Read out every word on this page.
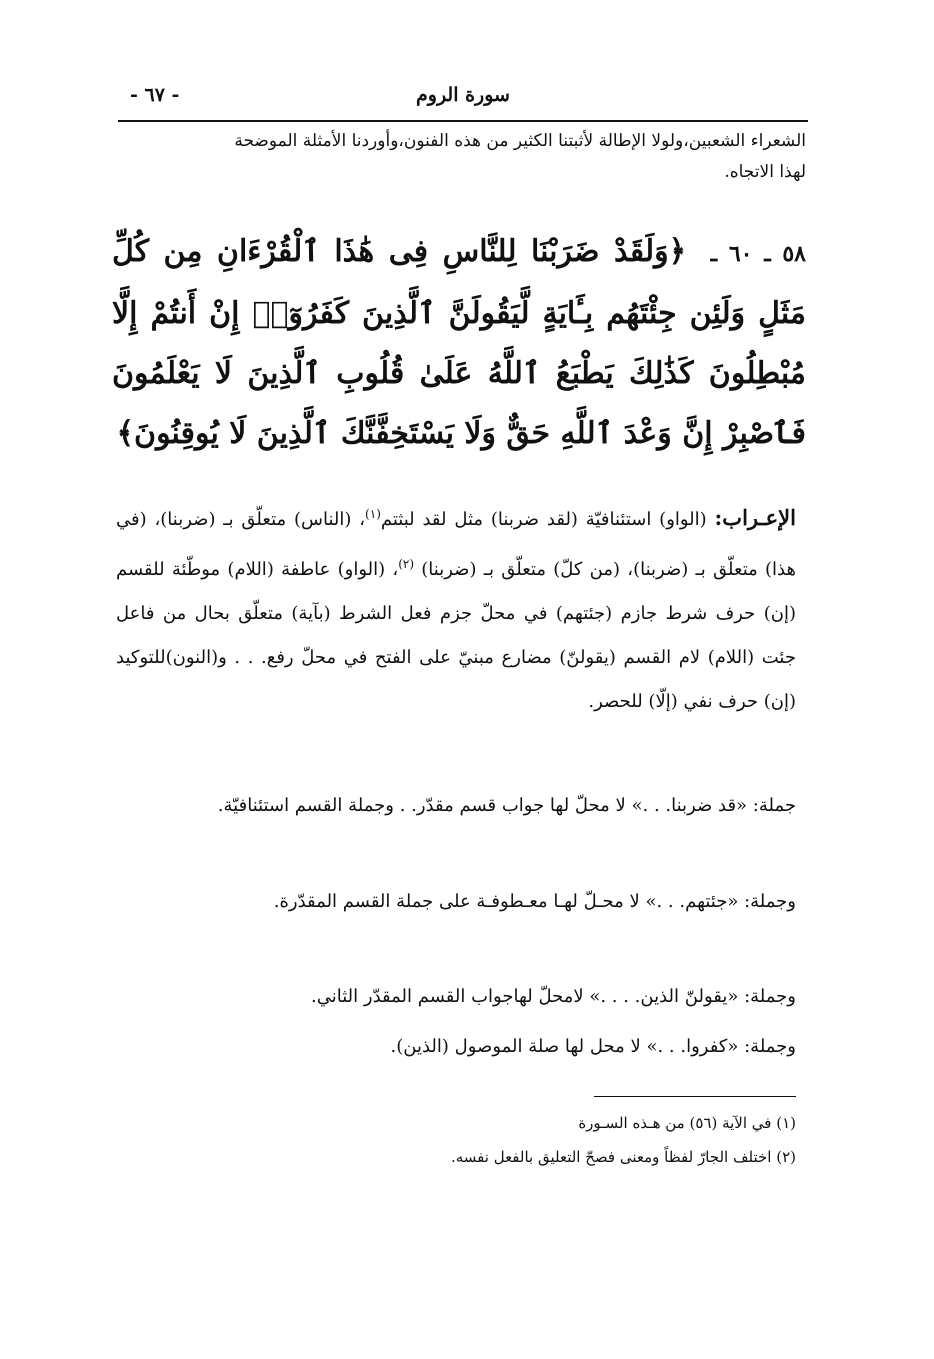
سورة الروم
- ٦٧ -
الشعراء الشعبين،ولولا الإطالة لأثبتنا الكثير من هذه الفنون،وأوردنا الأمثلة الموضحة
لهذا الاتجاه.
٥٨ ـ ٦٠ ـ ﴿وَلَقَدْ ضَرَبْنَا لِلنَّاسِ فِى هَٰذَا ٱلْقُرْءَانِ مِن كُلِّ مَثَلٍ وَلَئِن جِئْتَهُم بِـَٔايَةٍ لَّيَقُولَنَّ ٱلَّذِينَ كَفَرُوٓا۟ إِنْ أَنتُمْ إِلَّا مُبْطِلُونَ كَذَٰلِكَ يَطْبَعُ ٱللَّهُ عَلَىٰ قُلُوبِ ٱلَّذِينَ لَا يَعْلَمُونَ فَٱصْبِرْ إِنَّ وَعْدَ ٱللَّهِ حَقٌّ وَلَا يَسْتَخِفَّنَّكَ ٱلَّذِينَ لَا يُوقِنُونَ﴾
الإعـراب: (الواو) استئنافيّة (لقد ضربنا) مثل لقد لبثتم$^{(١)}$، (الناس) متعلّق بـ (ضربنا)، (في هذا) متعلّق بـ (ضربنا)، (من كلّ) متعلّق بـ (ضربنا) $^{(٢)}$، (الواو) عاطفة (اللام) موطّئة للقسم (إن) حرف شرط جازم (جئتهم) في محلّ جزم فعل الشرط (بآية) متعلّق بحال من فاعل جئت (اللام) لام القسم (يقولنّ) مضارع مبنيّ على الفتح في محلّ رفع. . . و(النون)للتوكيد (إن) حرف نفي (إلّا) للحصر.

جملة: «قد ضربنا. . .» لا محلّ لها جواب قسم مقدّر. . وجملة القسم استئنافيّة.

وجملة: «جئتهم. . .» لا محـلّ لهـا معـطوفـة على جملة القسم المقدّرة.

وجملة: «يقولنّ الذين. . . .» لامحلّ لهاجواب القسم المقدّر الثاني.

وجملة: «كفروا. . .» لا محل لها صلة الموصول (الذين).

(١) في الآية (٥٦) من هـذه السـورة

(٢) اختلف الجارّ لفظاً ومعنى فصحّ التعليق بالفعل نفسه.
